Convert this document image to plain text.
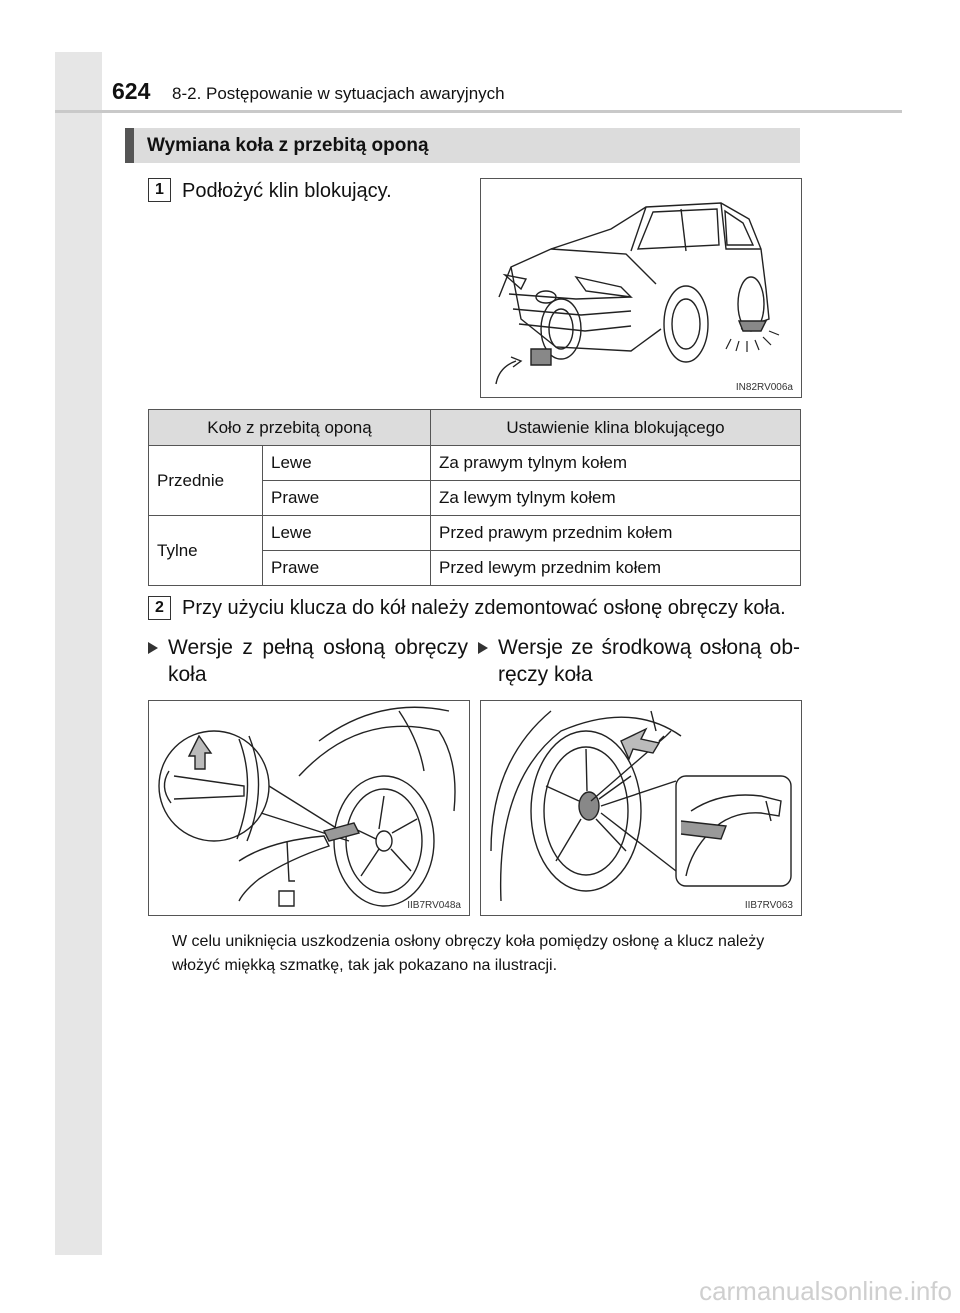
624 8-2. Postępowanie w sytuacjach awaryjnych
Wymiana koła z przebitą oponą
1 Podłożyć klin blokujący.
IN82RV006a
Koło z przebitą oponą		Ustawienie klina blokującego
Przednie	Lewe	Za prawym tylnym kołem
	Prawe	Za lewym tylnym kołem
Tylne	Lewe	Przed prawym przednim kołem
	Prawe	Przed lewym przednim kołem
2 Przy użyciu klucza do kół należy zdemontować osłonę obręczy koła.
Wersje z pełną osłoną obręczy koła
Wersje ze środkową osłoną ob-ręczy koła
IIB7RV048a	IIB7RV063
W celu uniknięcia uszkodzenia osłony obręczy koła pomiędzy osłonę a klucz należy włożyć miękką szmatkę, tak jak pokazano na ilustracji.
carmanualsonline.info
